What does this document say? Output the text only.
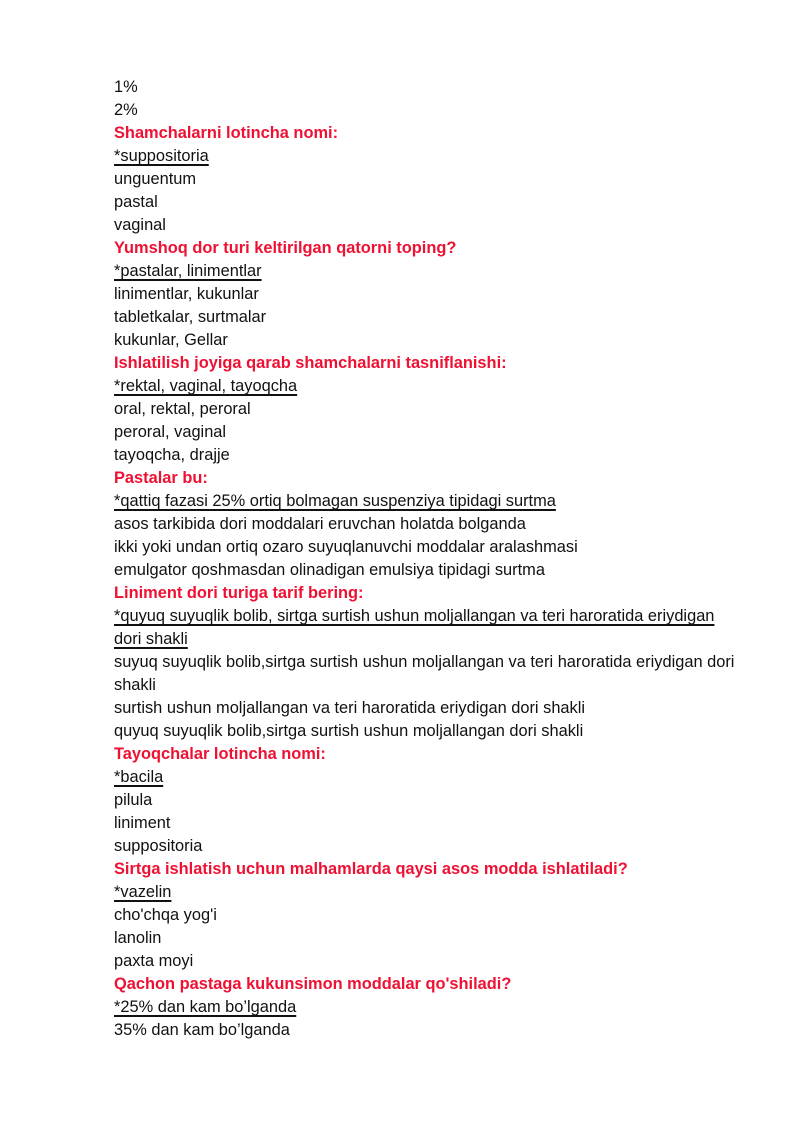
1%
2%
Shamchalarni lotincha nomi:
*suppositoria
unguentum
pastal
vaginal
Yumshoq dor turi keltirilgan qatorni toping?
*pastalar, linimentlar
linimentlar, kukunlar
tabletkalar, surtmalar
kukunlar, Gellar
Ishlatilish joyiga qarab shamchalarni tasniflanishi:
*rektal, vaginal, tayoqcha
oral, rektal, peroral
peroral, vaginal
tayoqcha, drajje
Pastalar bu:
*qattiq fazasi 25% ortiq bolmagan suspenziya tipidagi surtma
asos tarkibida dori moddalari eruvchan holatda bolganda
ikki yoki undan ortiq ozaro suyuqlanuvchi moddalar aralashmasi
emulgator qoshmasdan olinadigan emulsiya tipidagi surtma
Liniment dori turiga tarif bering:
*quyuq suyuqlik bolib, sirtga surtish ushun moljallangan va teri haroratida eriydigan dori shakli
suyuq suyuqlik bolib,sirtga surtish ushun moljallangan va teri haroratida eriydigan dori shakli
surtish ushun moljallangan va teri haroratida eriydigan dori shakli
quyuq suyuqlik bolib,sirtga surtish ushun moljallangan dori shakli
Tayoqchalar lotincha nomi:
*bacila
pilula
liniment
suppositoria
Sirtga ishlatish uchun malhamlarda qaysi asos modda ishlatiladi?
*vazelin
cho'chqa yog'i
lanolin
paxta moyi
Qachon pastaga kukunsimon moddalar qo'shiladi?
*25% dan kam bo’lganda
35% dan kam bo’lganda
